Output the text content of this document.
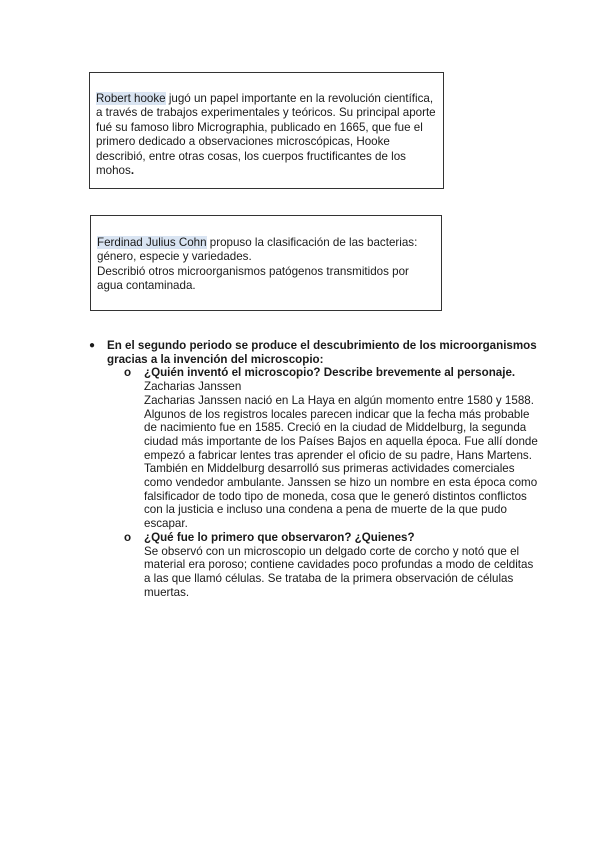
Robert hooke jugó un papel importante en la revolución científica, a través de trabajos experimentales y teóricos. Su principal aporte fué su famoso libro Micrographia, publicado en 1665, que fue el primero dedicado a observaciones microscópicas, Hooke describió, entre otras cosas, los cuerpos fructificantes de los mohos.
Ferdinad Julius Cohn propuso la clasificación de las bacterias: género, especie y variedades.
Describió otros microorganismos patógenos transmitidos por agua contaminada.
● En el segundo periodo se produce el descubrimiento de los microorganismos gracias a la invención del microscopio:
o ¿Quién inventó el microscopio? Describe brevemente al personaje.
Zacharias Janssen
Zacharias Janssen nació en La Haya en algún momento entre 1580 y 1588. Algunos de los registros locales parecen indicar que la fecha más probable de nacimiento fue en 1585. Creció en la ciudad de Middelburg, la segunda ciudad más importante de los Países Bajos en aquella época. Fue allí donde empezó a fabricar lentes tras aprender el oficio de su padre, Hans Martens. También en Middelburg desarrolló sus primeras actividades comerciales como vendedor ambulante. Janssen se hizo un nombre en esta época como falsificador de todo tipo de moneda, cosa que le generó distintos conflictos con la justicia e incluso una condena a pena de muerte de la que pudo escapar.
o ¿Qué fue lo primero que observaron? ¿Quienes?
Se observó con un microscopio un delgado corte de corcho y notó que el material era poroso; contiene cavidades poco profundas a modo de celditas a las que llamó células. Se trataba de la primera observación de células muertas.
